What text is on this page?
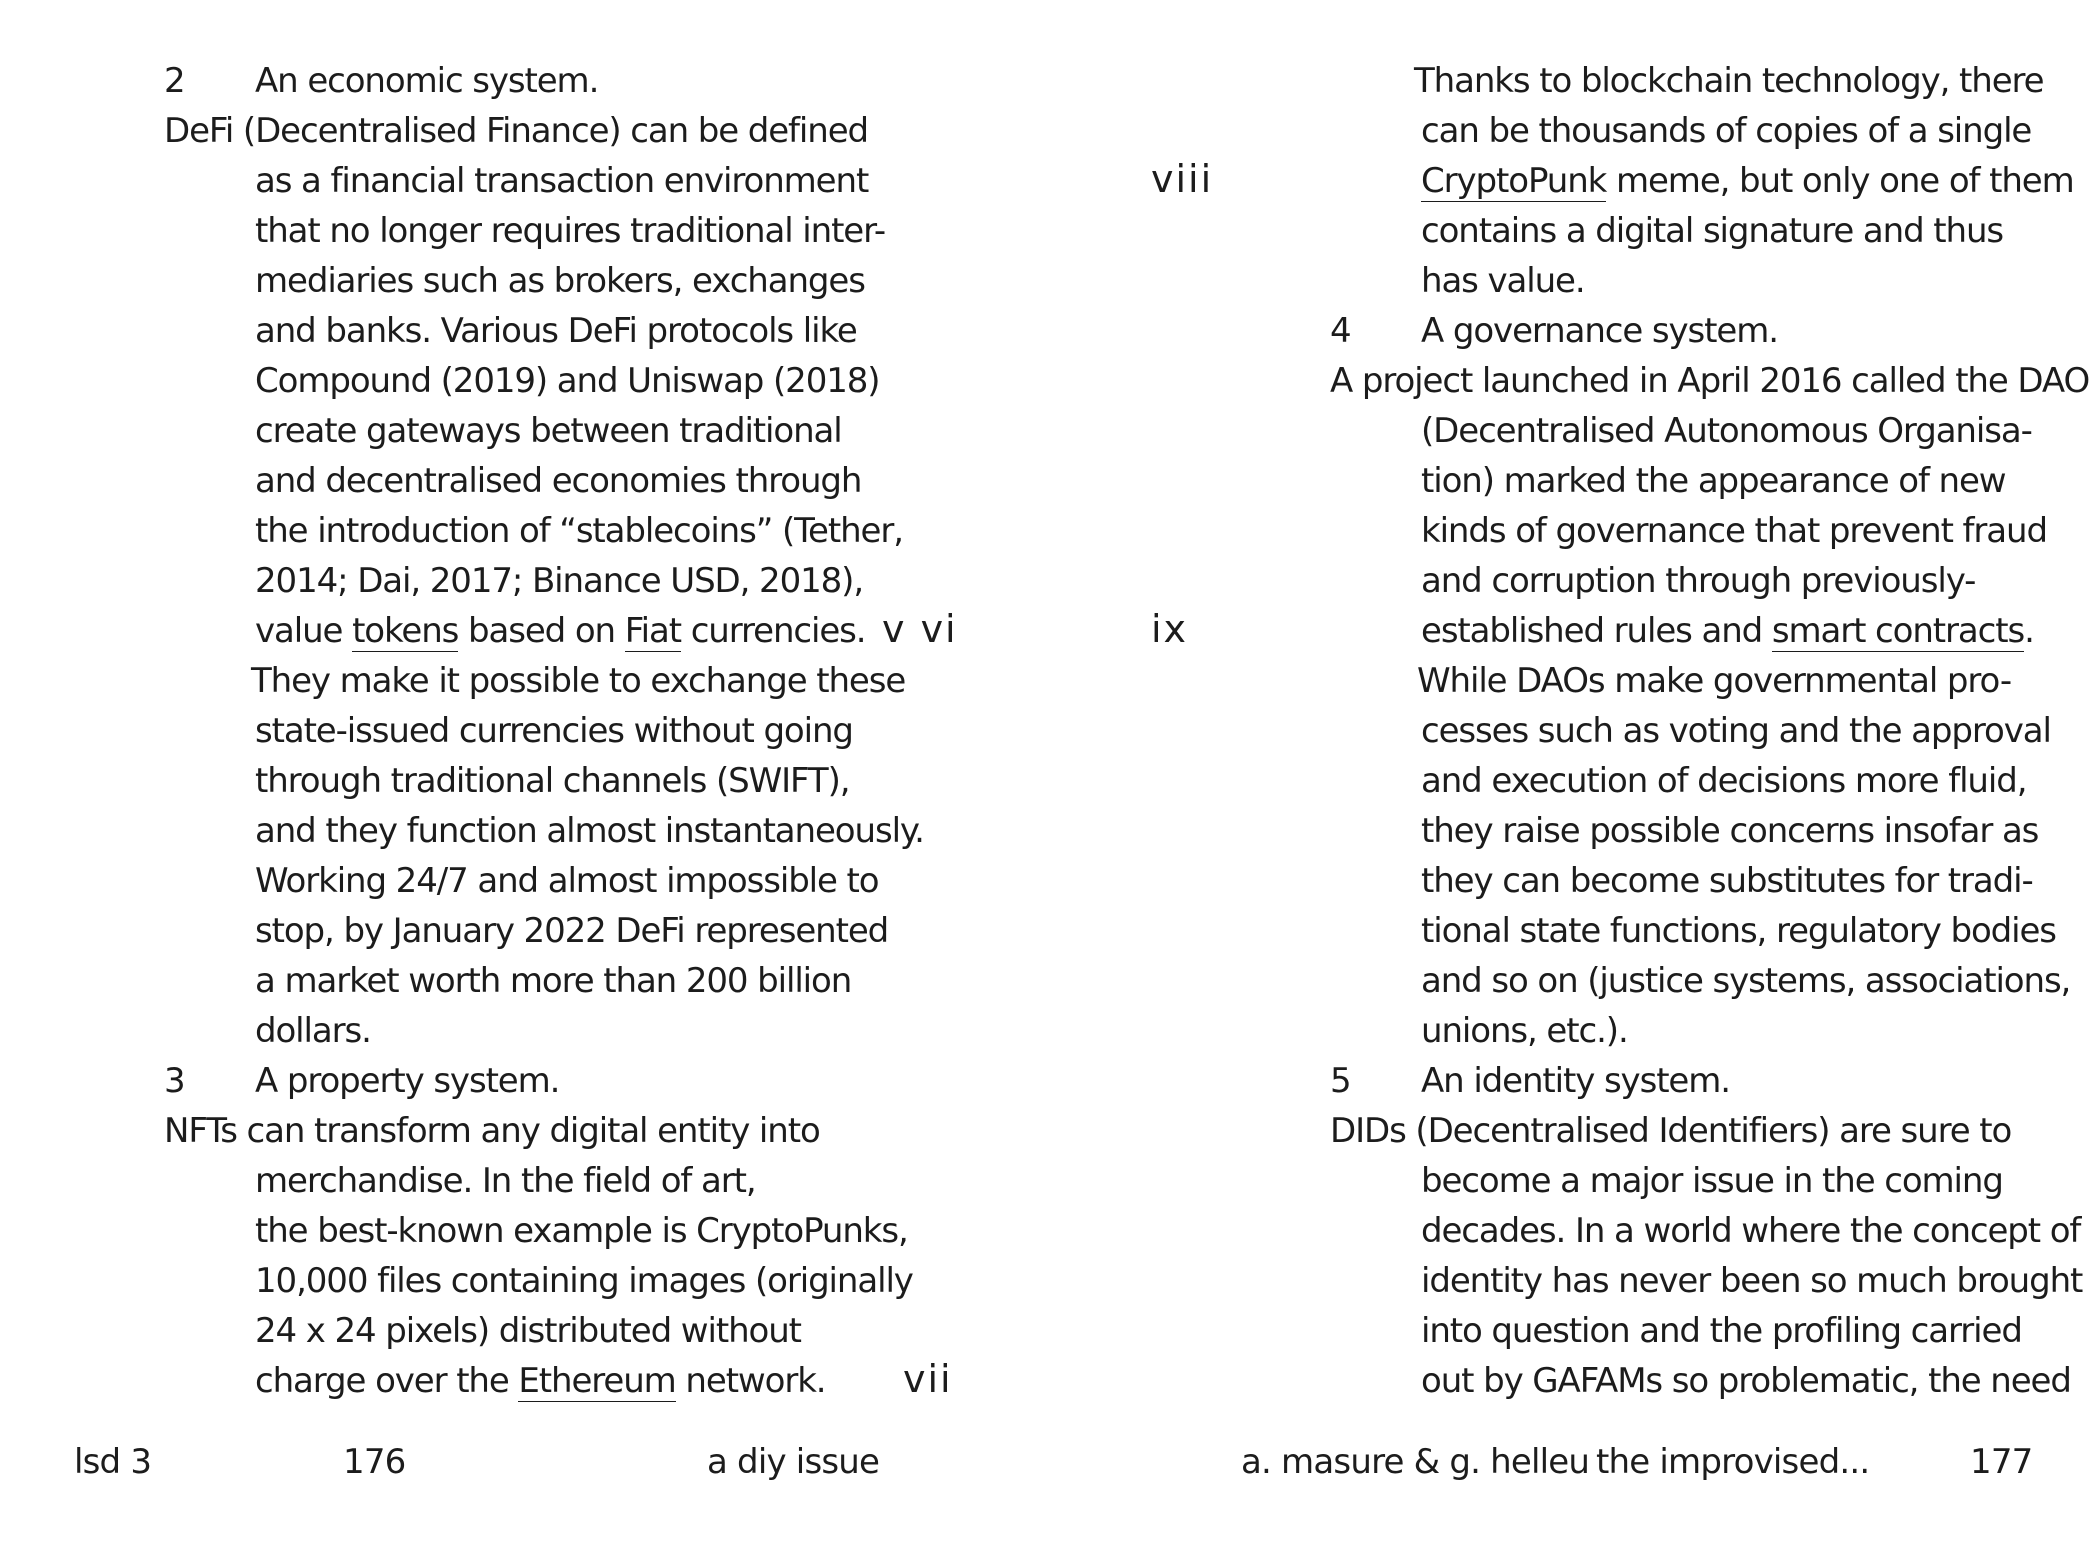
2 An economic system.
DeFi (Decentralised Finance) can be defined
as a financial transaction environment
that no longer requires traditional inter-
mediaries such as brokers, exchanges
and banks. Various DeFi protocols like
Compound (2019) and Uniswap (2018)
create gateways between traditional
and decentralised economies through
the introduction of “stablecoins” (Tether,
2014; Dai, 2017; Binance USD, 2018),
value tokens based on Fiat currencies.
They make it possible to exchange these
state-issued currencies without going
through traditional channels (SWIFT),
and they function almost instantaneously.
Working 24/7 and almost impossible to
stop, by January 2022 DeFi represented
a market worth more than 200 billion
dollars.
3 A property system.
NFTs can transform any digital entity into
merchandise. In the field of art,
the best-known example is CryptoPunks,
10,000 files containing images (originally
24 x 24 pixels) distributed without
charge over the Ethereum network.
v vi
vii
lsd 3	176	a diy issue
Thanks to blockchain technology, there
can be thousands of copies of a single
CryptoPunk meme, but only one of them
contains a digital signature and thus
has value.
4 A governance system.
A project launched in April 2016 called the DAO
(Decentralised Autonomous Organisa-
tion) marked the appearance of new
kinds of governance that prevent fraud
and corruption through previously-
established rules and smart contracts.
While DAOs make governmental pro-
cesses such as voting and the approval
and execution of decisions more fluid,
they raise possible concerns insofar as
they can become substitutes for tradi-
tional state functions, regulatory bodies
and so on (justice systems, associations,
unions, etc.).
5 An identity system.
DIDs (Decentralised Identifiers) are sure to
become a major issue in the coming
decades. In a world where the concept of
identity has never been so much brought
into question and the profiling carried
out by GAFAMs so problematic, the need
viii
ix
a. masure & g. helleu the improvised...	177
